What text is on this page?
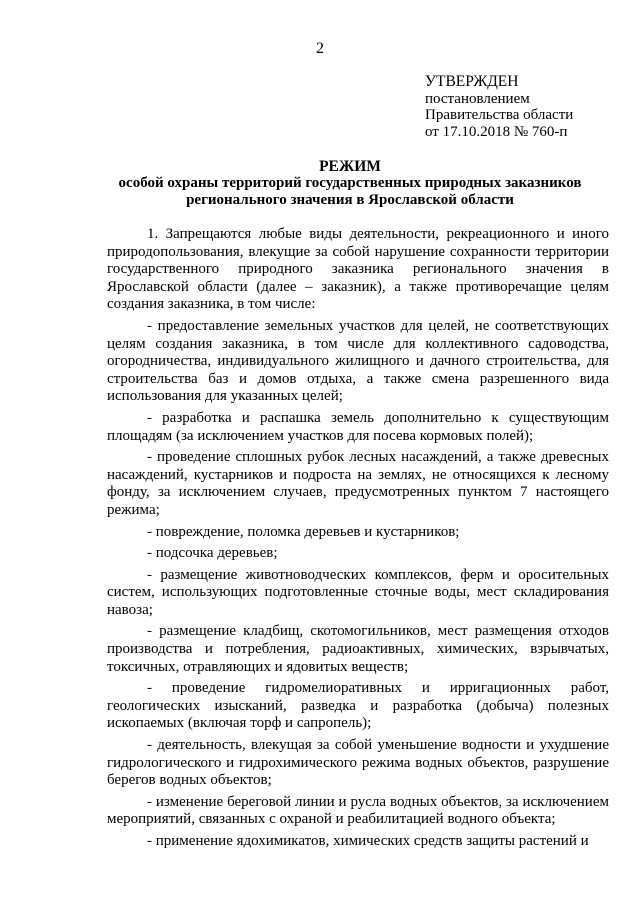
2
УТВЕРЖДЕН
постановлением
Правительства области
от 17.10.2018 № 760-п
РЕЖИМ
особой охраны территорий государственных природных заказников
регионального значения в Ярославской области

1. Запрещаются любые виды деятельности, рекреационного и иного природопользования, влекущие за собой нарушение сохранности территории государственного природного заказника регионального значения в Ярославской области (далее – заказник), а также противоречащие целям создания заказника, в том числе:

- предоставление земельных участков для целей, не соответствующих целям создания заказника, в том числе для коллективного садоводства, огородничества, индивидуального жилищного и дачного строительства, для строительства баз и домов отдыха, а также смена разрешенного вида использования для указанных целей;

- разработка и распашка земель дополнительно к существующим площадям (за исключением участков для посева кормовых полей);

- проведение сплошных рубок лесных насаждений, а также древесных насаждений, кустарников и подроста на землях, не относящихся к лесному фонду, за исключением случаев, предусмотренных пунктом 7 настоящего режима;

- повреждение, поломка деревьев и кустарников;

- подсочка деревьев;

- размещение животноводческих комплексов, ферм и оросительных систем, использующих подготовленные сточные воды, мест складирования навоза;

- размещение кладбищ, скотомогильников, мест размещения отходов производства и потребления, радиоактивных, химических, взрывчатых, токсичных, отравляющих и ядовитых веществ;

- проведение гидромелиоративных и ирригационных работ, геологических изысканий, разведка и разработка (добыча) полезных ископаемых (включая торф и сапропель);

- деятельность, влекущая за собой уменьшение водности и ухудшение гидрологического и гидрохимического режима водных объектов, разрушение берегов водных объектов;

- изменение береговой линии и русла водных объектов, за исключением мероприятий, связанных с охраной и реабилитацией водного объекта;

- применение ядохимикатов, химических средств защиты растений и
